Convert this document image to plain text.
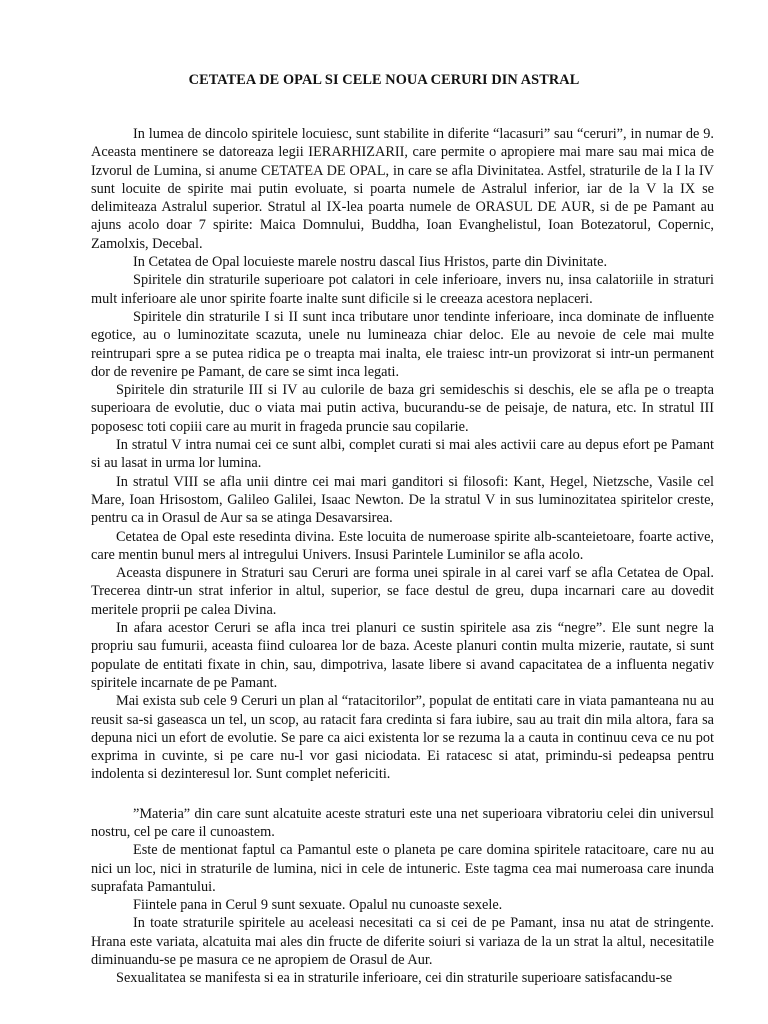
CETATEA DE OPAL SI CELE NOUA CERURI DIN ASTRAL

In lumea de dincolo spiritele locuiesc, sunt stabilite in diferite “lacasuri” sau “ceruri”, in numar de 9. Aceasta mentinere se datoreaza legii IERARHIZARII, care permite o apropiere mai mare sau mai mica de Izvorul de Lumina, si anume CETATEA DE OPAL, in care se afla Divinitatea. Astfel, straturile de la I la IV sunt locuite de spirite mai putin evoluate, si poarta numele de Astralul inferior, iar de la V la IX se delimiteaza Astralul superior. Stratul al IX-lea poarta numele de ORASUL DE AUR, si de pe Pamant au ajuns acolo doar 7 spirite: Maica Domnului, Buddha, Ioan Evanghelistul, Ioan Botezatorul, Copernic, Zamolxis, Decebal.

In Cetatea de Opal locuieste marele nostru dascal Iius Hristos, parte din Divinitate.

Spiritele din straturile superioare pot calatori in cele inferioare, invers nu, insa calatoriile in straturi mult inferioare ale unor spirite foarte inalte sunt dificile si le creeaza acestora neplaceri.

Spiritele din straturile I si II sunt inca tributare unor tendinte inferioare, inca dominate de influente egotice, au o luminozitate scazuta, unele nu lumineaza chiar deloc. Ele au nevoie de cele mai multe reintrupari spre a se putea ridica pe o treapta mai inalta, ele traiesc intr-un provizorat si intr-un permanent dor de revenire pe Pamant, de care se simt inca legati.

Spiritele din straturile III si IV au culorile de baza gri semideschis si deschis, ele se afla pe o treapta superioara de evolutie, duc o viata mai putin activa, bucurandu-se de peisaje, de natura, etc. In stratul III poposesc toti copiii care au murit in frageda pruncie sau copilarie.

In stratul V intra numai cei ce sunt albi, complet curati si mai ales activii care au depus efort pe Pamant si au lasat in urma lor lumina.

In stratul VIII se afla unii dintre cei mai mari ganditori si filosofi: Kant, Hegel, Nietzsche, Vasile cel Mare, Ioan Hrisostom, Galileo Galilei, Isaac Newton. De la stratul V in sus luminozitatea spiritelor creste, pentru ca in Orasul de Aur sa se atinga Desavarsirea.

Cetatea de Opal este resedinta divina. Este locuita de numeroase spirite alb-scanteietoare, foarte active, care mentin bunul mers al intregului Univers. Insusi Parintele Luminilor se afla acolo.

Aceasta dispunere in Straturi sau Ceruri are forma unei spirale in al carei varf se afla Cetatea de Opal. Trecerea dintr-un strat inferior in altul, superior, se face destul de greu, dupa incarnari care au dovedit meritele proprii pe calea Divina.

In afara acestor Ceruri se afla inca trei planuri ce sustin spiritele asa zis “negre”. Ele sunt negre la propriu sau fumurii, aceasta fiind culoarea lor de baza. Aceste planuri contin multa mizerie, rautate, si sunt populate de entitati fixate in chin, sau, dimpotriva, lasate libere si avand capacitatea de a influenta negativ spiritele incarnate de pe Pamant.

Mai exista sub cele 9 Ceruri un plan al “ratacitorilor”, populat de entitati care in viata pamanteana nu au reusit sa-si gaseasca un tel, un scop, au ratacit fara credinta si fara iubire, sau au trait din mila altora, fara sa depuna nici un efort de evolutie. Se pare ca aici existenta lor se rezuma la a cauta in continuu ceva ce nu pot exprima in cuvinte, si pe care nu-l vor gasi niciodata. Ei ratacesc si atat, primindu-si pedeapsa pentru indolenta si dezinteresul lor. Sunt complet nefericiti.

”Materia” din care sunt alcatuite aceste straturi este una net superioara vibratoriu celei din universul nostru, cel pe care il cunoastem.

Este de mentionat faptul ca Pamantul este o planeta pe care domina spiritele ratacitoare, care nu au nici un loc, nici in straturile de lumina, nici in cele de intuneric. Este tagma cea mai numeroasa care inunda suprafata Pamantului.

Fiintele pana in Cerul 9 sunt sexuate. Opalul nu cunoaste sexele.

In toate straturile spiritele au aceleasi necesitati ca si cei de pe Pamant, insa nu atat de stringente. Hrana este variata, alcatuita mai ales din fructe de diferite soiuri si variaza de la un strat la altul, necesitatile diminuandu-se pe masura ce ne apropiem de Orasul de Aur.

Sexualitatea se manifesta si ea in straturile inferioare, cei din straturile superioare satisfacandu-se
